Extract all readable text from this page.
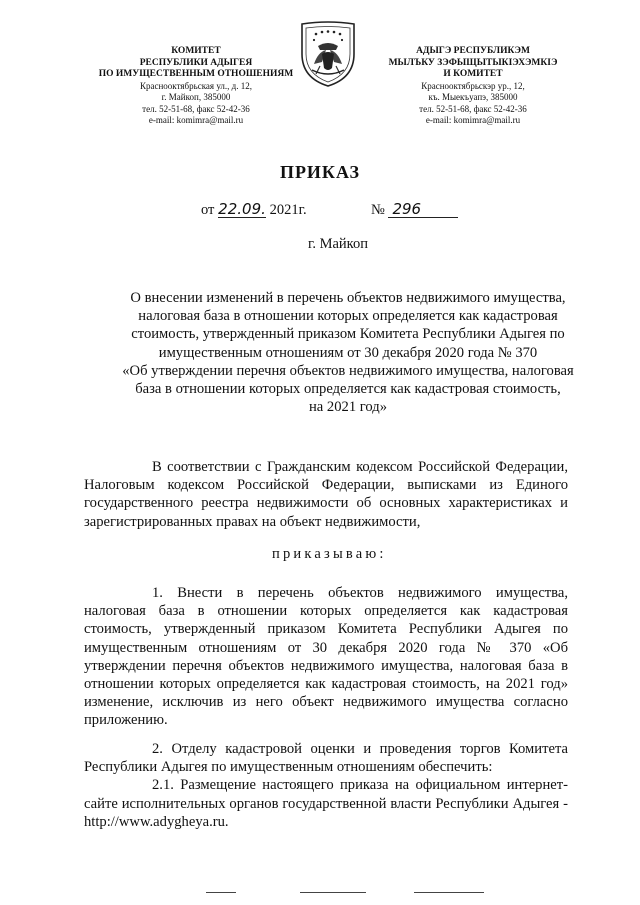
КОМИТЕТ
РЕСПУБЛИКИ АДЫГЕЯ
ПО ИМУЩЕСТВЕННЫМ ОТНОШЕНИЯМ
Краснооктябрьская ул., д. 12,
г. Майкоп, 385000
тел. 52-51-68, факс 52-42-36
e-mail: komimra@mail.ru
АДЫГЭ РЕСПУБЛИКЭМ
МЫЛЪКУ ЗЭФЫЩЫТЫКIЭХЭМКIЭ
И КОМИТЕТ
Краснооктябрьскэр ур., 12,
къ. Мыекъуапэ, 385000
тел. 52-51-68, факс 52-42-36
e-mail: komimra@mail.ru
ПРИКАЗ
от 22.09. 2021г.	№ 296
г. Майкоп
О внесении изменений в перечень объектов недвижимого имущества,
налоговая база в отношении которых определяется как кадастровая
стоимость, утвержденный приказом Комитета Республики Адыгея по
имущественным отношениям от 30 декабря 2020 года № 370
«Об утверждении перечня объектов недвижимого имущества, налоговая
база в отношении которых определяется как кадастровая стоимость,
на 2021 год»

В соответствии с Гражданским кодексом Российской Федерации, Налоговым кодексом Российской Федерации, выписками из Единого государственного реестра недвижимости об основных характеристиках и зарегистрированных правах на объект недвижимости,

приказываю:

1. Внести в перечень объектов недвижимого имущества, налоговая база в отношении которых определяется как кадастровая стоимость, утвержденный приказом Комитета Республики Адыгея по имущественным отношениям от 30 декабря 2020 года № 370 «Об утверждении перечня объектов недвижимого имущества, налоговая база в отношении которых определяется как кадастровая стоимость, на 2021 год» изменение, исключив из него объект недвижимого имущества согласно приложению.

2. Отделу кадастровой оценки и проведения торгов Комитета Республики Адыгея по имущественным отношениям обеспечить:

2.1. Размещение настоящего приказа на официальном интернет-сайте исполнительных органов государственной власти Республики Адыгея - http://www.adygheya.ru.
